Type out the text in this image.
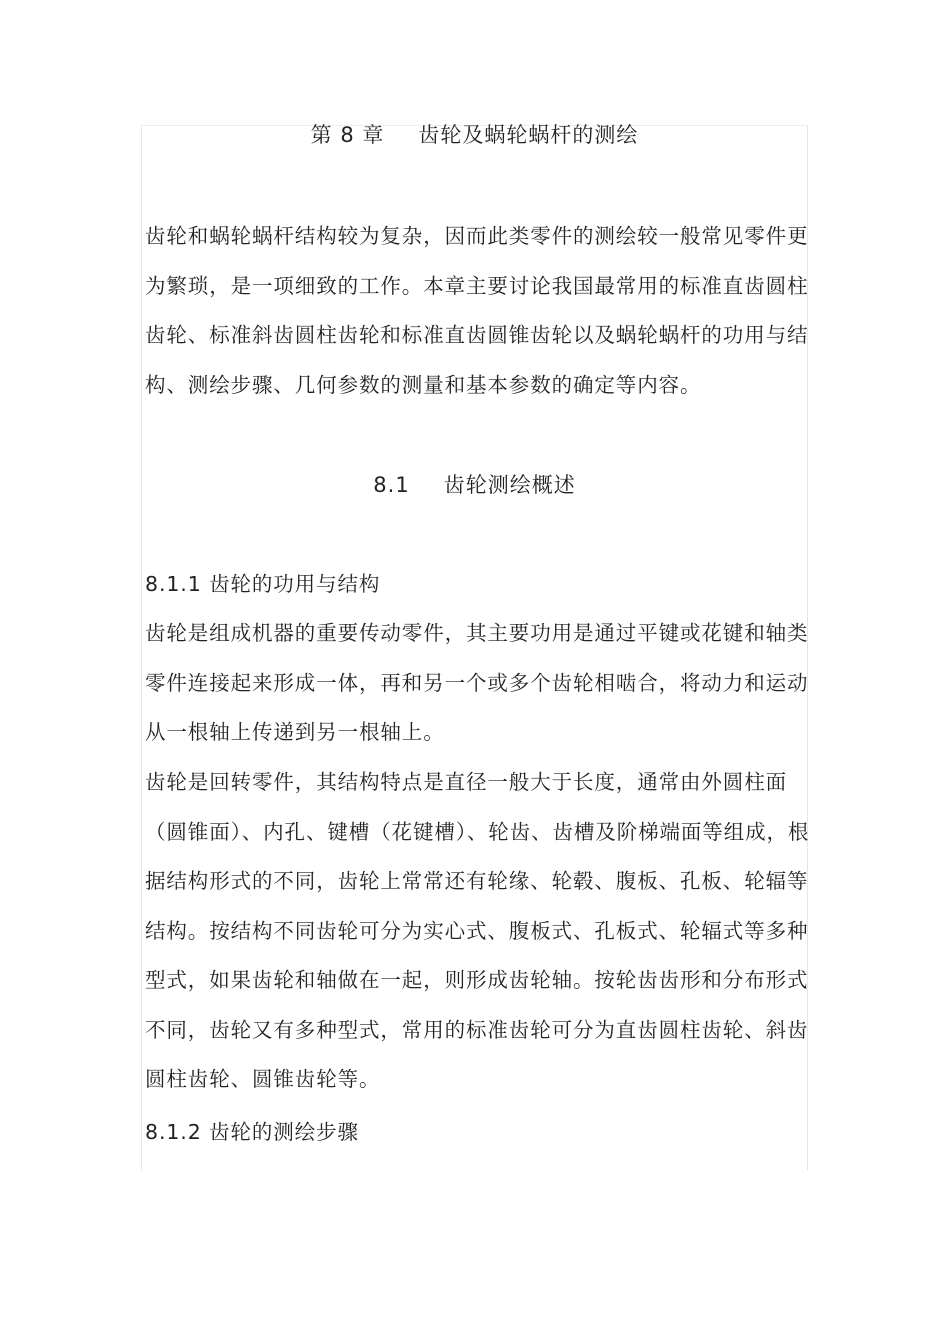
第 8 章 齿轮及蜗轮蜗杆的测绘

齿轮和蜗轮蜗杆结构较为复杂，因而此类零件的测绘较一般常见零件更为繁琐，是一项细致的工作。本章主要讨论我国最常用的标准直齿圆柱齿轮、标准斜齿圆柱齿轮和标准直齿圆锥齿轮以及蜗轮蜗杆的功用与结构、测绘步骤、几何参数的测量和基本参数的确定等内容。

8.1 齿轮测绘概述
8.1.1 齿轮的功用与结构

齿轮是组成机器的重要传动零件，其主要功用是通过平键或花键和轴类零件连接起来形成一体，再和另一个或多个齿轮相啮合，将动力和运动从一根轴上传递到另一根轴上。

齿轮是回转零件，其结构特点是直径一般大于长度，通常由外圆柱面（圆锥面）、内孔、键槽（花键槽）、轮齿、齿槽及阶梯端面等组成，根据结构形式的不同，齿轮上常常还有轮缘、轮毂、腹板、孔板、轮辐等结构。按结构不同齿轮可分为实心式、腹板式、孔板式、轮辐式等多种型式，如果齿轮和轴做在一起，则形成齿轮轴。按轮齿齿形和分布形式不同，齿轮又有多种型式，常用的标准齿轮可分为直齿圆柱齿轮、斜齿圆柱齿轮、圆锥齿轮等。

8.1.2 齿轮的测绘步骤
